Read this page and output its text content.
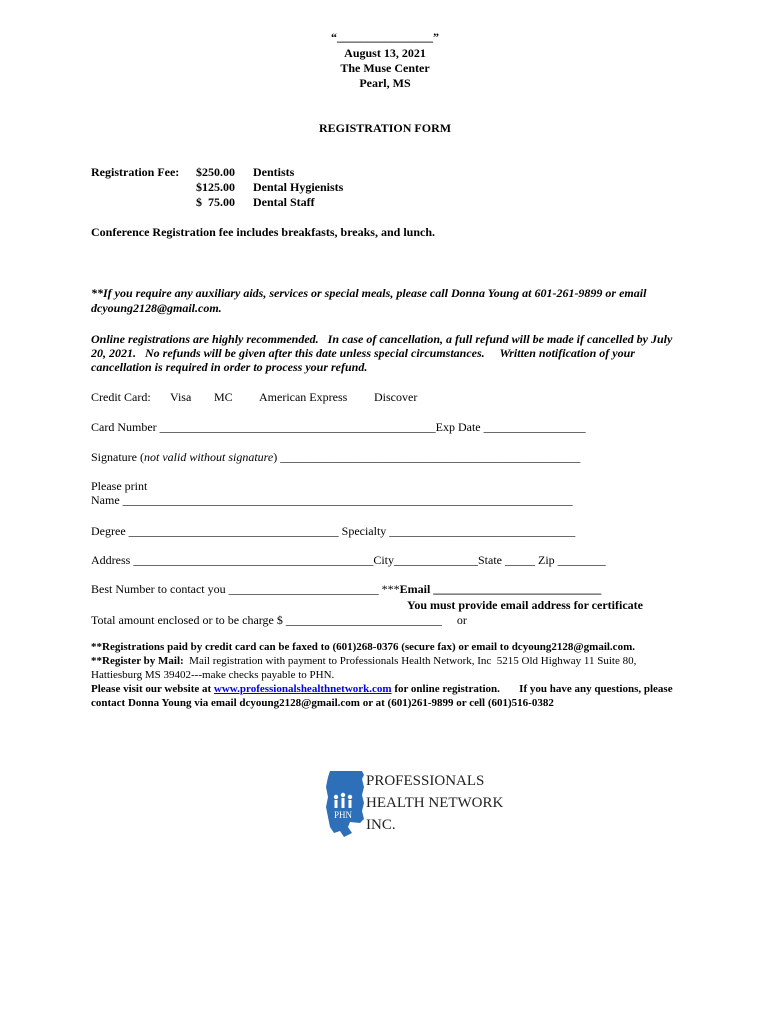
“________________”
August 13, 2021
The Muse Center
Pearl, MS
REGISTRATION FORM
Registration Fee: $250.00 Dentists
$125.00 Dental Hygienists
$  75.00 Dental Staff
Conference Registration fee includes breakfasts, breaks, and lunch.
**If you require any auxiliary aids, services or special meals, please call Donna Young at 601-261-9899 or email
dcyoung2128@gmail.com.
Online registrations are highly recommended.   In case of cancellation, a full refund will be made if cancelled by July
20, 2021.   No refunds will be given after this date unless special circumstances.     Written notification of your
cancellation is required in order to process your refund.
Credit Card: Visa MC American Express Discover
Card Number ______________________________________________Exp Date _________________
Signature (not valid without signature) __________________________________________________
Please print
Name ___________________________________________________________________________
Degree ___________________________________ Specialty _______________________________
Address ________________________________________City______________State _____ Zip ________
Best Number to contact you _________________________ ***Email ____________________________
You must provide email address for certificate
Total amount enclosed or to be charge $ __________________________     or
**Registrations paid by credit card can be faxed to (601)268-0376 (secure fax) or email to dcyoung2128@gmail.com.
**Register by Mail:  Mail registration with payment to Professionals Health Network, Inc  5215 Old Highway 11 Suite 80,
Hattiesburg MS 39402---make checks payable to PHN.
Please visit our website at www.professionalshealthnetwork.com for online registration.       If you have any questions, please
contact Donna Young via email dcyoung2128@gmail.com or at (601)261-9899 or cell (601)516-0382
PHN
PROFESSIONALS
HEALTH NETWORK
INC.
